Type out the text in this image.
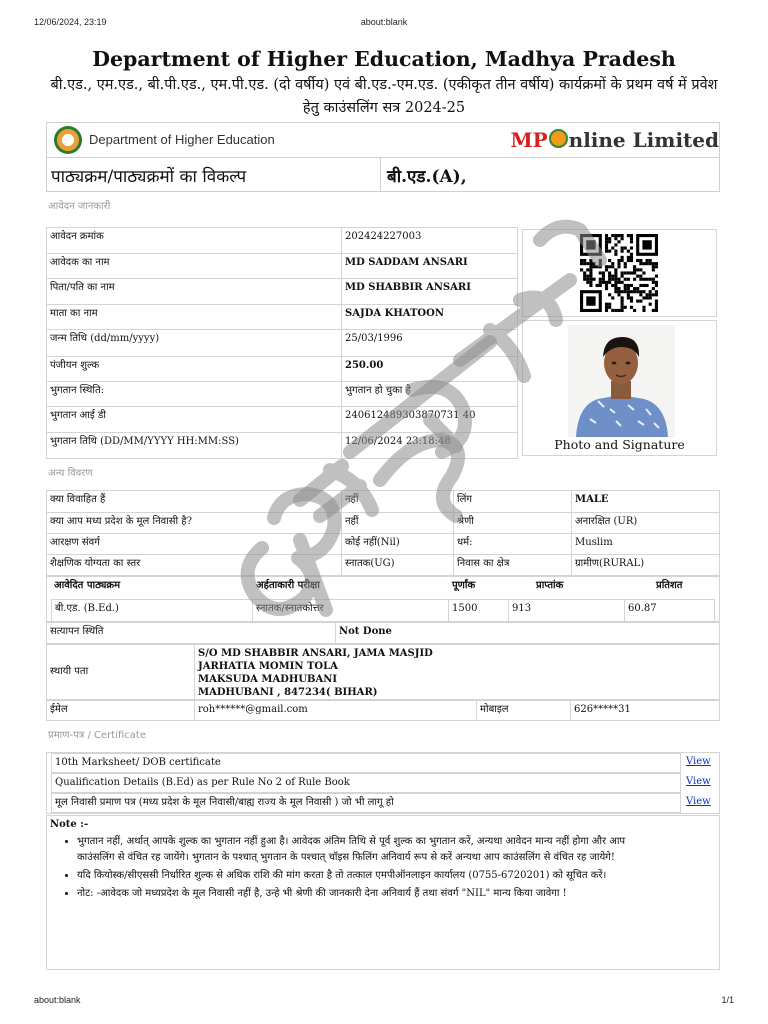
12/06/2024, 23:19	about:blank
about:blank	1/1
Department of Higher Education, Madhya Pradesh
बी.एड., एम.एड., बी.पी.एड., एम.पी.एड. (दो वर्षीय) एवं बी.एड.-एम.एड. (एकीकृत तीन वर्षीय) कार्यक्रमों के प्रथम वर्ष में प्रवेश हेतु काउंसलिंग सत्र 2024-25
Department of Higher Education	MP nline Limited
पाठ्यक्रम/पाठ्यक्रमों का विकल्प	बी.एड.(A),
आवेदन जानकारी
आवेदन क्रमांक	202424227003
आवेदक का नाम	MD SADDAM ANSARI
पिता/पति का नाम	MD SHABBIR ANSARI
माता का नाम	SAJDA KHATOON
जन्म तिथि (dd/mm/yyyy)	25/03/1996
पंजीयन शुल्क	250.00
भुगतान स्थिति:	भुगतान हो चुका है
भुगतान आई डी	240612489303870731 40
भुगतान तिथि (DD/MM/YYYY HH:MM:SS)	12/06/2024 23:18:48	Photo and Signature
अन्य विवरण
क्या विवाहित हैं	नहीं	लिंग	MALE
क्या आप मध्य प्रदेश के मूल निवासी है?	नहीं	श्रेणी	अनारक्षित (UR)
आरक्षण संवर्ग	कोई नहीं(Nil)	धर्म:	Muslim
शैक्षणिक योग्यता का स्तर	स्नातक(UG)	निवास का क्षेत्र	ग्रामीण(RURAL)
आवेदित पाठ्यक्रम	अर्हताकारी परीक्षा	पूर्णांक	प्राप्तांक	प्रतिशत
बी.एड. (B.Ed.)	स्नातक/स्नातकोत्तर	1500	913	60.87
सत्यापन स्थिति	Not Done
स्थायी पता
S/O MD SHABBIR ANSARI, JAMA MASJID
JARHATIA MOMIN TOLA
MAKSUDA MADHUBANI
MADHUBANI , 847234( BIHAR)
ईमेल	roh******@gmail.com	मोबाइल	626*****31
प्रमाण-पत्र / Certificate
10th Marksheet/ DOB certificate	View
Qualification Details (B.Ed) as per Rule No 2 of Rule Book	View
मूल निवासी प्रमाण पत्र (मध्य प्रदेश के मूल निवासी/बाह्य राज्य के मूल निवासी ) जो भी लागू हो	View
Note :-
• भुगतान नहीं, अर्थात् आपके शुल्क का भुगतान नहीं हुआ है। आवेदक अंतिम तिथि से पूर्व शुल्क का भुगतान करें, अन्यथा आवेदन मान्य नहीं होगा और आप काउंसलिंग से वंचित रह जायेंगे। भुगतान के पश्चात् भुगतान के पश्चात् चॉइस फिलिंग अनिवार्य रूप से करें अन्यथा आप काउंसलिंग से वंचित रह जायेगे!
• यदि कियोस्क/सीएससी निर्धारित शुल्क से अधिक राशि की मांग करता है तो तत्काल एमपीऑनलाइन कार्यालय (0755-6720201) को सूचित करें।
• नोट: -आवेदक जो मध्यप्रदेश के मूल निवासी नहीं है, उन्हे भी श्रेणी की जानकारी देना अनिवार्य हैं तथा संवर्ग "NIL" मान्य किया जावेगा !
